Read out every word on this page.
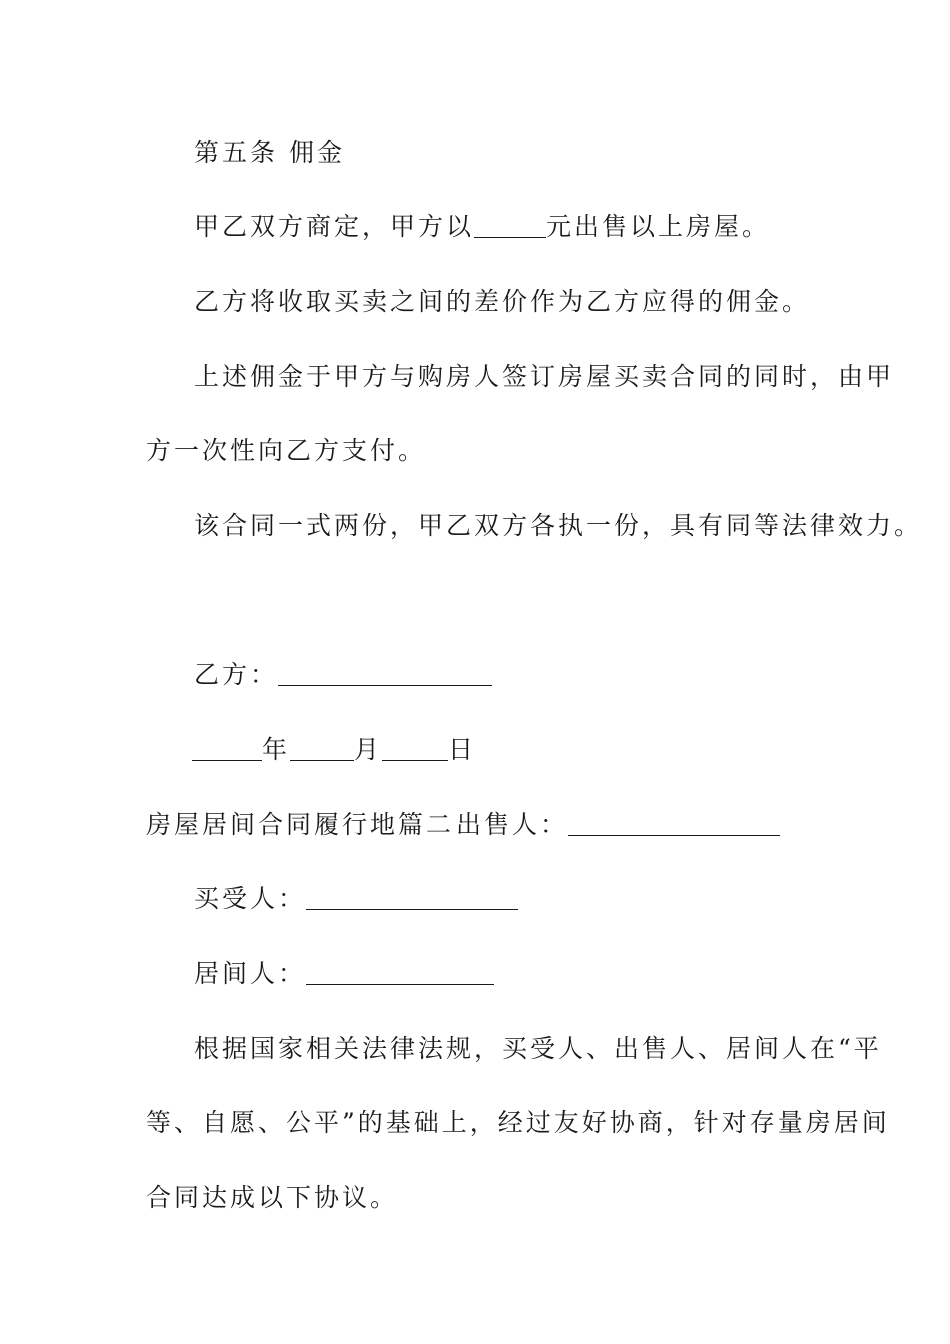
第五条 佣金
甲乙双方商定，甲方以	元出售以上房屋。
乙方将收取买卖之间的差价作为乙方应得的佣金。
上述佣金于甲方与购房人签订房屋买卖合同的同时，由甲
方一次性向乙方支付。
该合同一式两份，甲乙双方各执一份，具有同等法律效力。
乙方：
年	月	日
房屋居间合同履行地篇二 出售人：
买受人：
居间人：
根据国家相关法律法规，买受人、出售人、居间人在“平
等、自愿、公平”的基础上，经过友好协商，针对存量房居间
合同达成以下协议。
